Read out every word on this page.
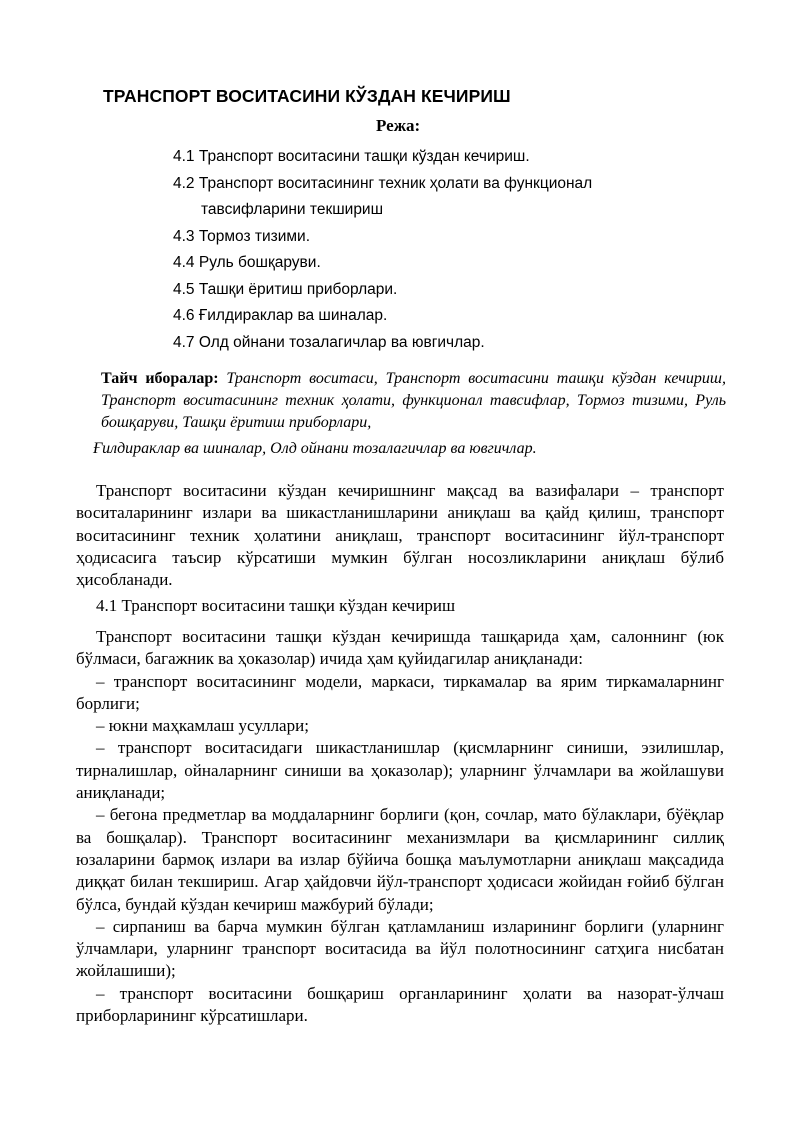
ТРАНСПОРТ ВОСИТАСИНИ КЎЗДАН КЕЧИРИШ
Режа:
4.1 Транспорт воситасини ташқи кўздан кечириш.
4.2 Транспорт воситасининг техник ҳолати ва функционал
тавсифларини текшириш
4.3 Тормоз тизими.
4.4 Руль бошқаруви.
4.5 Ташқи ёритиш приборлари.
4.6 Ғилдираклар ва шиналар.
4.7 Олд ойнани тозалагичлар ва ювгичлар.
Тайч иборалар: Транспорт воситаси, Транспорт воситасини ташқи кўздан кечириш, Транспорт воситасининг техник ҳолати, функционал тавсифлар, Тормоз тизими, Руль бошқаруви, Ташқи ёритиш приборлари,
Ғилдираклар ва шиналар, Олд ойнани тозалагичлар ва ювгичлар.

Транспорт воситасини кўздан кечиришнинг мақсад ва вазифалари – транспорт воситаларининг излари ва шикастланишларини аниқлаш ва қайд қилиш, транспорт воситасининг техник ҳолатини аниқлаш, транспорт воситасининг йўл-транспорт ҳодисасига таъсир кўрсатиши мумкин бўлган носозликларини аниқлаш бўлиб ҳисобланади.

4.1 Транспорт воситасини ташқи кўздан кечириш

Транспорт воситасини ташқи кўздан кечиришда ташқарида ҳам, салоннинг (юк бўлмаси, багажник ва ҳоказолар) ичида ҳам қуйидагилар аниқланади:

– транспорт воситасининг модели, маркаси, тиркамалар ва ярим тиркамаларнинг борлиги;

– юкни маҳкамлаш усуллари;

– транспорт воситасидаги шикастланишлар (қисмларнинг синиши, эзилишлар, тирналишлар, ойналарнинг синиши ва ҳоказолар); уларнинг ўлчамлари ва жойлашуви аниқланади;

– бегона предметлар ва моддаларнинг борлиги (қон, сочлар, мато бўлаклари, бўёқлар ва бошқалар). Транспорт воситасининг механизмлари ва қисмларининг силлиқ юзаларини бармоқ излари ва излар бўйича бошқа маълумотларни аниқлаш мақсадида диққат билан текшириш. Агар ҳайдовчи йўл-транспорт ҳодисаси жойидан ғойиб бўлган бўлса, бундай кўздан кечириш мажбурий бўлади;

– сирпаниш ва барча мумкин бўлган қатламланиш изларининг борлиги (уларнинг ўлчамлари, уларнинг транспорт воситасида ва йўл полотносининг сатҳига нисбатан жойлашиши);

– транспорт воситасини бошқариш органларининг ҳолати ва назорат-ўлчаш приборларининг кўрсатишлари.
